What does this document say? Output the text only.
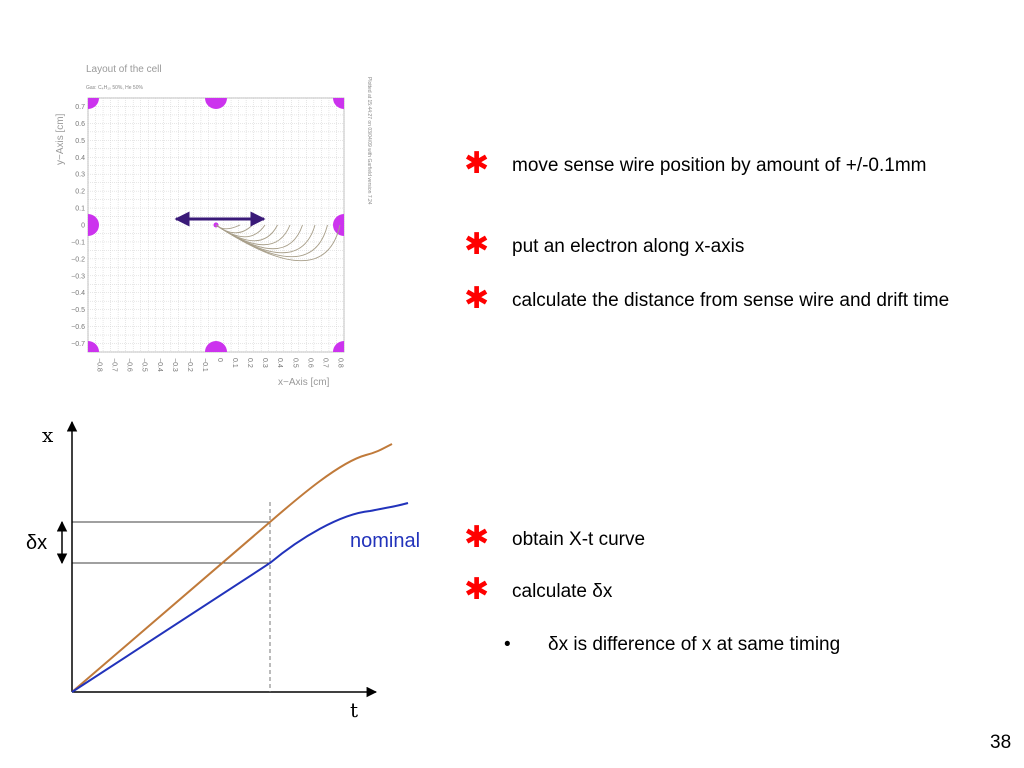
Layout of the cell
Gas: C₄H₁₀ 50%, He 50%
−0.8 −0.7 −0.6 −0.5 −0.4 −0.3 −0.2 −0.1 0 0.1 0.2 0.3 0.4 0.5 0.6 0.7 0.8
0.7
0.6
0.5
0.4
0.3
0.2
0.1
0
−0.1
−0.2
−0.3
−0.4
−0.5
−0.6
−0.7
x−Axis [cm]
y−Axis [cm]	Plotted at 15:44:27 on 03/04/09 with Garfield version 7.24
x
t
δx	nominal
✱ move sense wire position by amount of +/-0.1mm
✱ put an electron along x-axis
✱ calculate the distance from sense wire and drift time
✱ obtain X-t curve
✱ calculate δx
• δx is difference of x at same timing
38
